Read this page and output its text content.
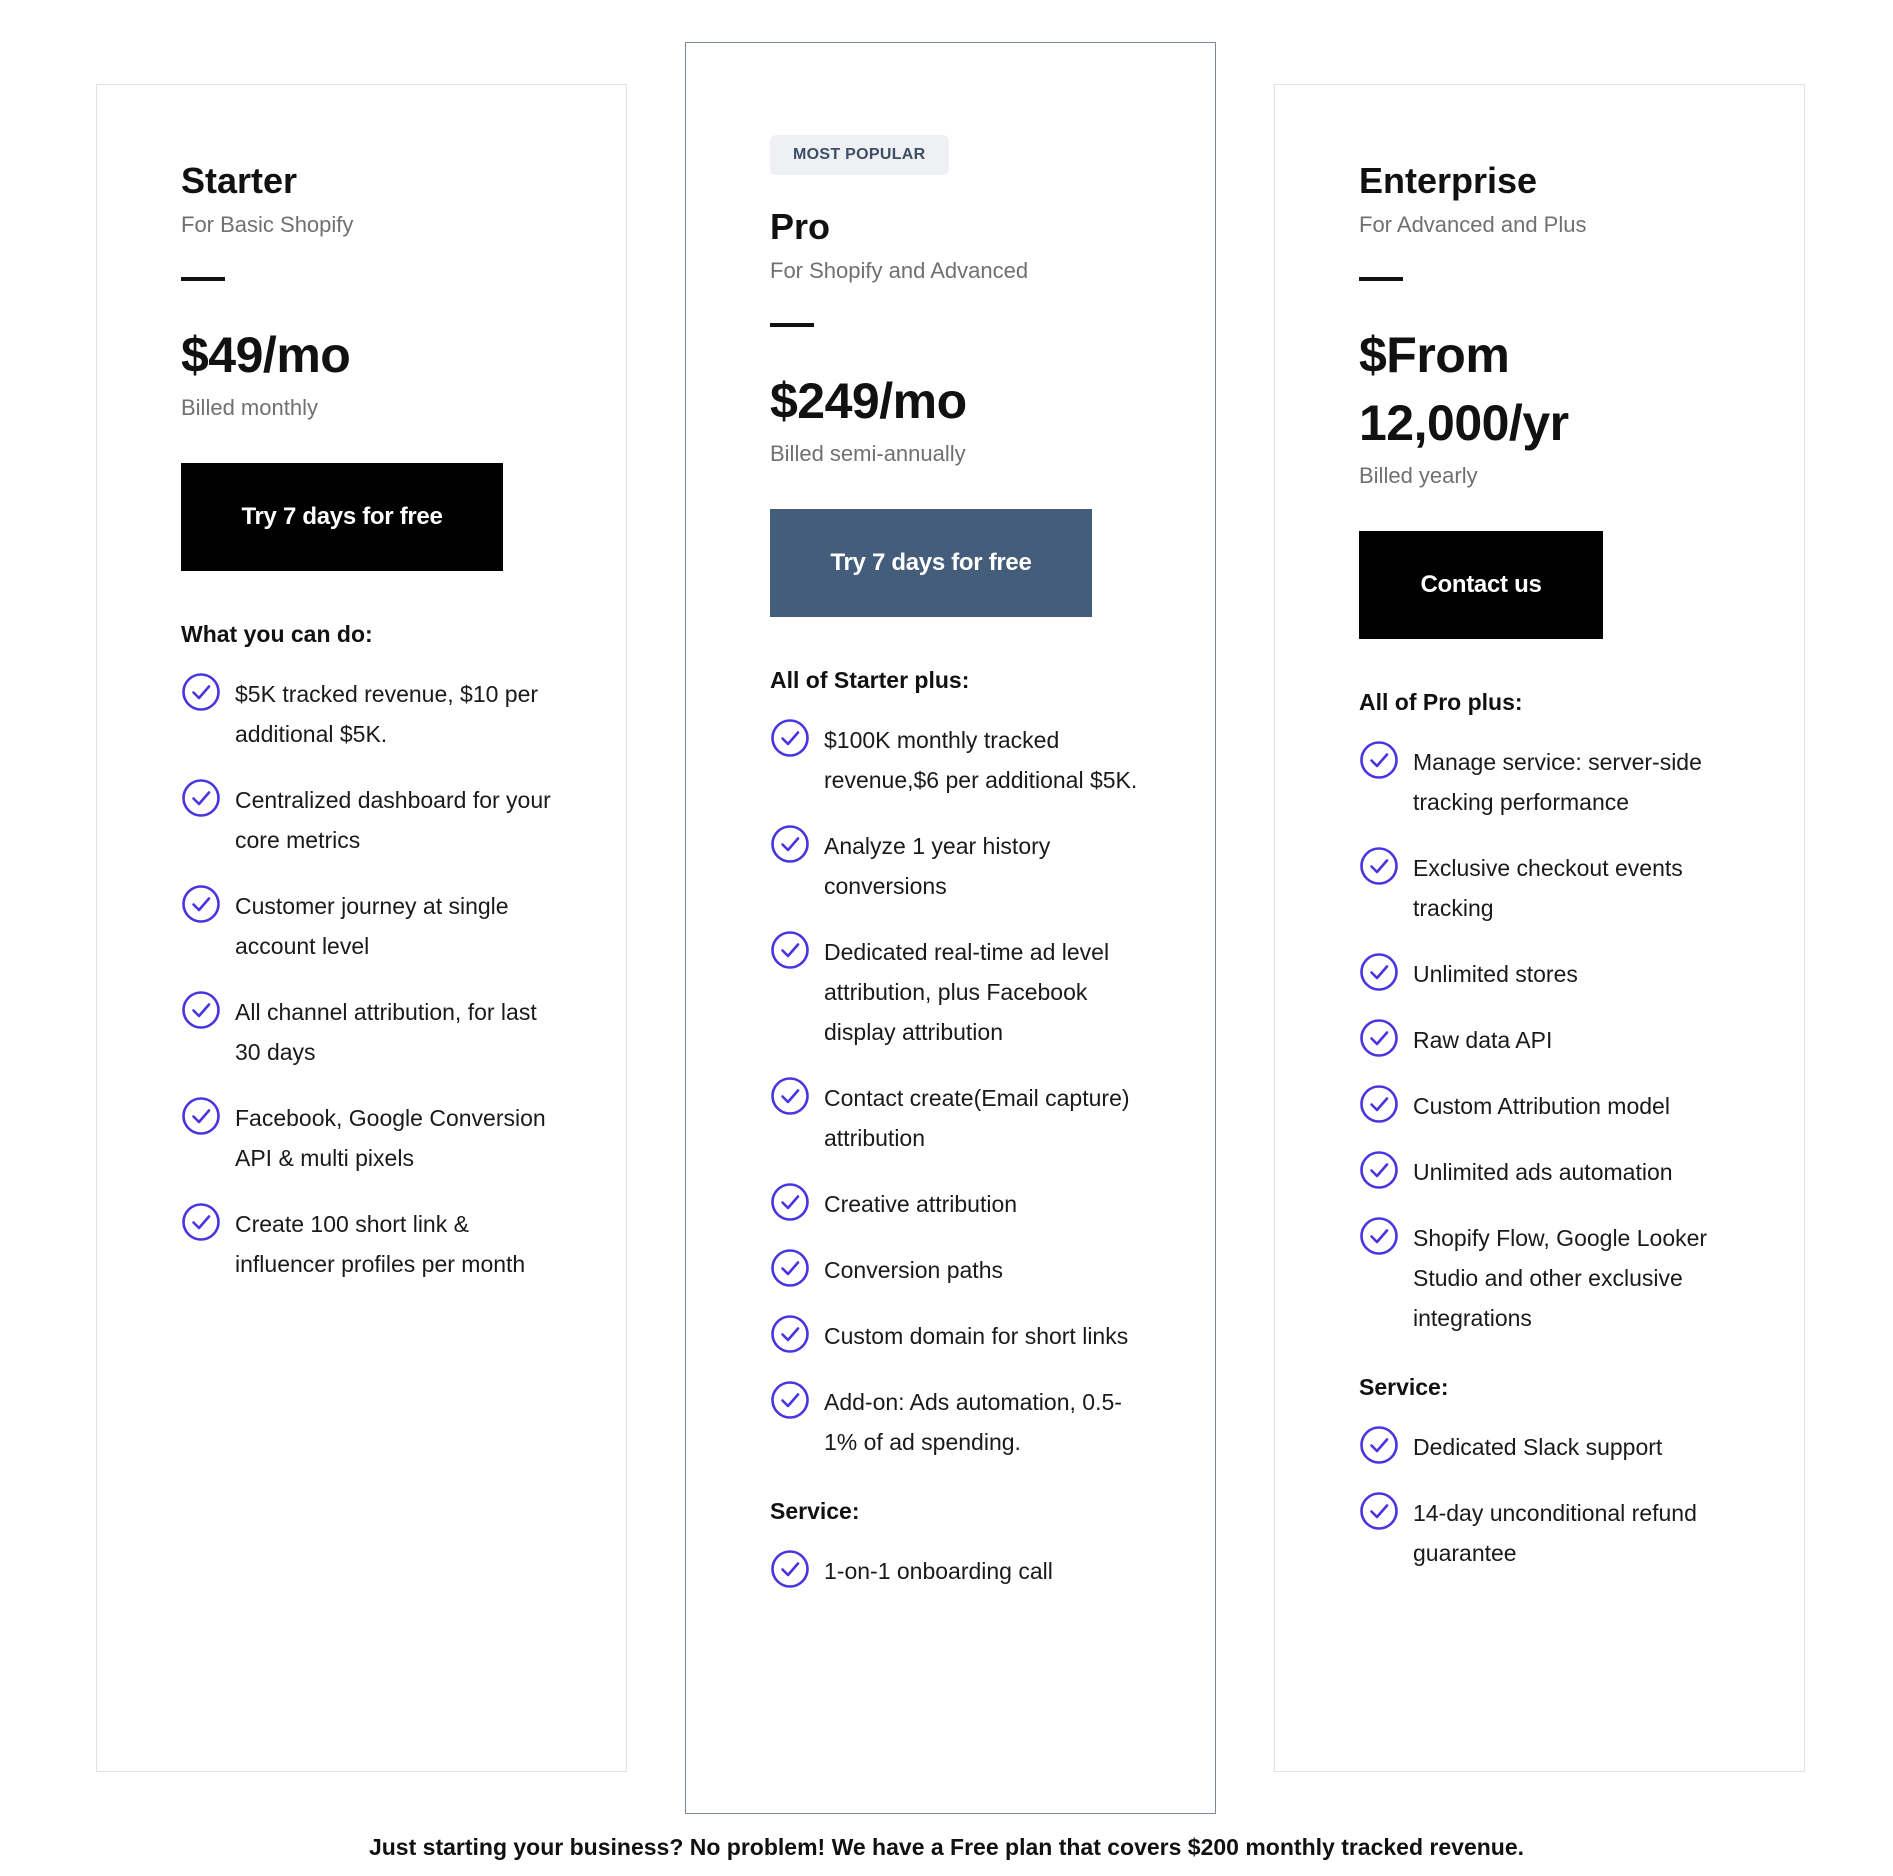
Starter
For Basic Shopify
$49/mo
Billed monthly
Try 7 days for free
What you can do:
$5K tracked revenue, $10 per additional $5K.
Centralized dashboard for your core metrics
Customer journey at single account level
All channel attribution, for last 30 days
Facebook, Google Conversion API & multi pixels
Create 100 short link & influencer profiles per month
MOST POPULAR
Pro
For Shopify and Advanced
$249/mo
Billed semi-annually
Try 7 days for free
All of Starter plus:
$100K monthly tracked revenue,$6 per additional $5K.
Analyze 1 year history conversions
Dedicated real-time ad level attribution, plus Facebook display attribution
Contact create(Email capture) attribution
Creative attribution
Conversion paths
Custom domain for short links
Add-on: Ads automation, 0.5-1% of ad spending.
Service:
1-on-1 onboarding call
Enterprise
For Advanced and Plus
$From 12,000/yr
Billed yearly
Contact us
All of Pro plus:
Manage service: server-side tracking performance
Exclusive checkout events tracking
Unlimited stores
Raw data API
Custom Attribution model
Unlimited ads automation
Shopify Flow, Google Looker Studio and other exclusive integrations
Service:
Dedicated Slack support
14-day unconditional refund guarantee
Just starting your business? No problem! We have a Free plan that covers $200 monthly tracked revenue.
